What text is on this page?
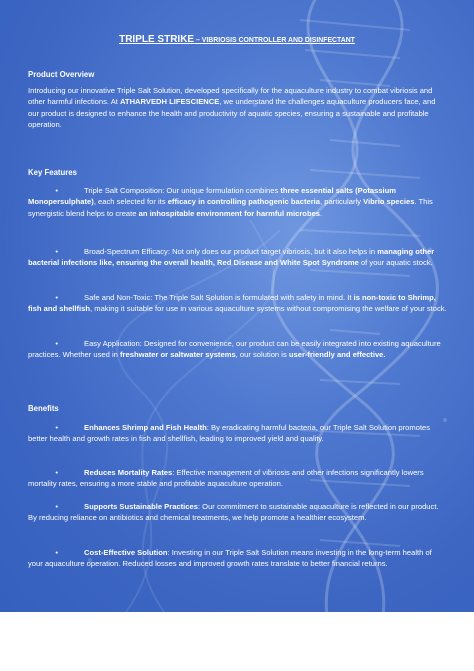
TRIPLE STRIKE – VIBRIOSIS CONTROLLER AND DISINFECTANT
Product Overview
Introducing our innovative Triple Salt Solution, developed specifically for the aquaculture industry to combat vibriosis and other harmful infections. At ATHARVEDH LIFESCIENCE, we understand the challenges aquaculture producers face, and our product is designed to enhance the health and productivity of aquatic species, ensuring a sustainable and profitable operation.
Key Features
•	Triple Salt Composition: Our unique formulation combines three essential salts (Potassium Monopersulphate), each selected for its efficacy in controlling pathogenic bacteria, particularly Vibrio species. This synergistic blend helps to create an inhospitable environment for harmful microbes.
•	Broad-Spectrum Efficacy: Not only does our product target vibriosis, but it also helps in managing other bacterial infections like, ensuring the overall health, Red Disease and White Spot Syndrome of your aquatic stock.
•	Safe and Non-Toxic: The Triple Salt Solution is formulated with safety in mind. It is non-toxic to Shrimp, fish and shellfish, making it suitable for use in various aquaculture systems without compromising the welfare of your stock.
•	Easy Application: Designed for convenience, our product can be easily integrated into existing aquaculture practices. Whether used in freshwater or saltwater systems, our solution is user-friendly and effective.
Benefits
•	Enhances Shrimp and Fish Health: By eradicating harmful bacteria, our Triple Salt Solution promotes better health and growth rates in fish and shellfish, leading to improved yield and quality.
•	Reduces Mortality Rates: Effective management of vibriosis and other infections significantly lowers mortality rates, ensuring a more stable and profitable aquaculture operation.
•	Supports Sustainable Practices: Our commitment to sustainable aquaculture is reflected in our product. By reducing reliance on antibiotics and chemical treatments, we help promote a healthier ecosystem.
•	Cost-Effective Solution: Investing in our Triple Salt Solution means investing in the long-term health of your aquaculture operation. Reduced losses and improved growth rates translate to better financial returns.
